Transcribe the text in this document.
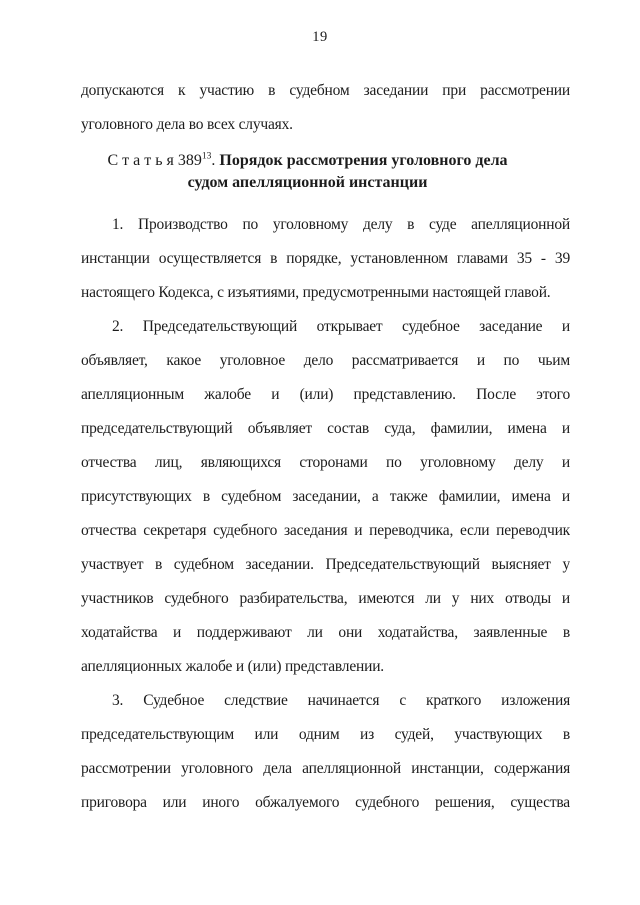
19
допускаются к участию в судебном заседании при рассмотрении
уголовного дела во всех случаях.
С т а т ь я $389^{13}$. Порядок рассмотрения уголовного дела
судом апелляционной инстанции
1. Производство по уголовному делу в суде апелляционной
инстанции осуществляется в порядке, установленном главами 35 - 39
настоящего Кодекса, с изъятиями, предусмотренными настоящей главой.
2. Председательствующий открывает судебное заседание и
объявляет, какое уголовное дело рассматривается и по чьим
апелляционным жалобе и (или) представлению. После этого
председательствующий объявляет состав суда, фамилии, имена и
отчества лиц, являющихся сторонами по уголовному делу и
присутствующих в судебном заседании, а также фамилии, имена и
отчества секретаря судебного заседания и переводчика, если переводчик
участвует в судебном заседании. Председательствующий выясняет у
участников судебного разбирательства, имеются ли у них отводы и
ходатайства и поддерживают ли они ходатайства, заявленные в
апелляционных жалобе и (или) представлении.
3. Судебное следствие начинается с краткого изложения
председательствующим или одним из судей, участвующих в
рассмотрении уголовного дела апелляционной инстанции, содержания
приговора или иного обжалуемого судебного решения, существа
